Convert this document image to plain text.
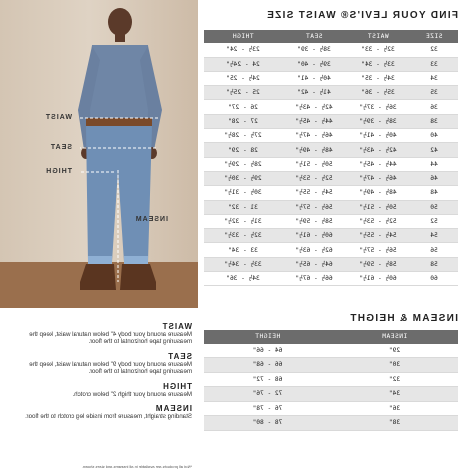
FIND YOUR LEVI'S® WAIST SIZE
SIZE	WAIST	SEAT	THIGH
32	32½ - 33"	38½ - 39"	23½ - 24"
33	33½ - 34"	39½ - 40"	24 - 24½"
34	34½ - 35"	40½ - 41"	24½ - 25"
35	35½ - 36"	41½ - 42"	25 - 25½"
36	36½ - 37½"	42½ - 43½"	26 - 27"
38	38½ - 39½"	44½ - 45½"	27 - 28"
40	40½ - 41½"	46½ - 47½"	27½ - 28½"
42	42½ - 43½"	48½ - 49½"	28 - 29"
44	44½ - 45½"	50½ - 51½"	28½ - 29½"
46	46½ - 47½"	52½ - 53½"	29½ - 30½"
48	48½ - 49½"	54½ - 55½"	30½ - 31½"
50	50½ - 51½"	56½ - 57½"	31 - 32"
52	52½ - 53½"	58½ - 59½"	31½ - 32½"
54	54½ - 55½"	60½ - 61½"	32½ - 33½"
56	56½ - 57½"	62½ - 63½"	33 - 34"
58	58½ - 59½"	64½ - 65½"	33½ - 34½"
60	60½ - 61½"	66½ - 67½"	34½ - 36"
INSEAM & HEIGHT
INSEAM	HEIGHT
29"	64 - 66"
30"	66 - 68"
32"	68 - 72"
34"	72 - 76"
36"	76 - 78"
38"	78 - 80"
WAIST
SEAT
THIGH
INSEAM
WAIST
Measure around your body 4" below natural waist, keep the measuring tape horizontal to the floor.
SEAT
Measure around your body 9" below natural waist, keep the measuring tape horizontal to the floor.
THIGH
Measure around your thigh 2" below crotch.
INSEAM
Standing straight, measure from inside leg crotch to the floor.
*Not all products are available in all inseams and sizes shown.
